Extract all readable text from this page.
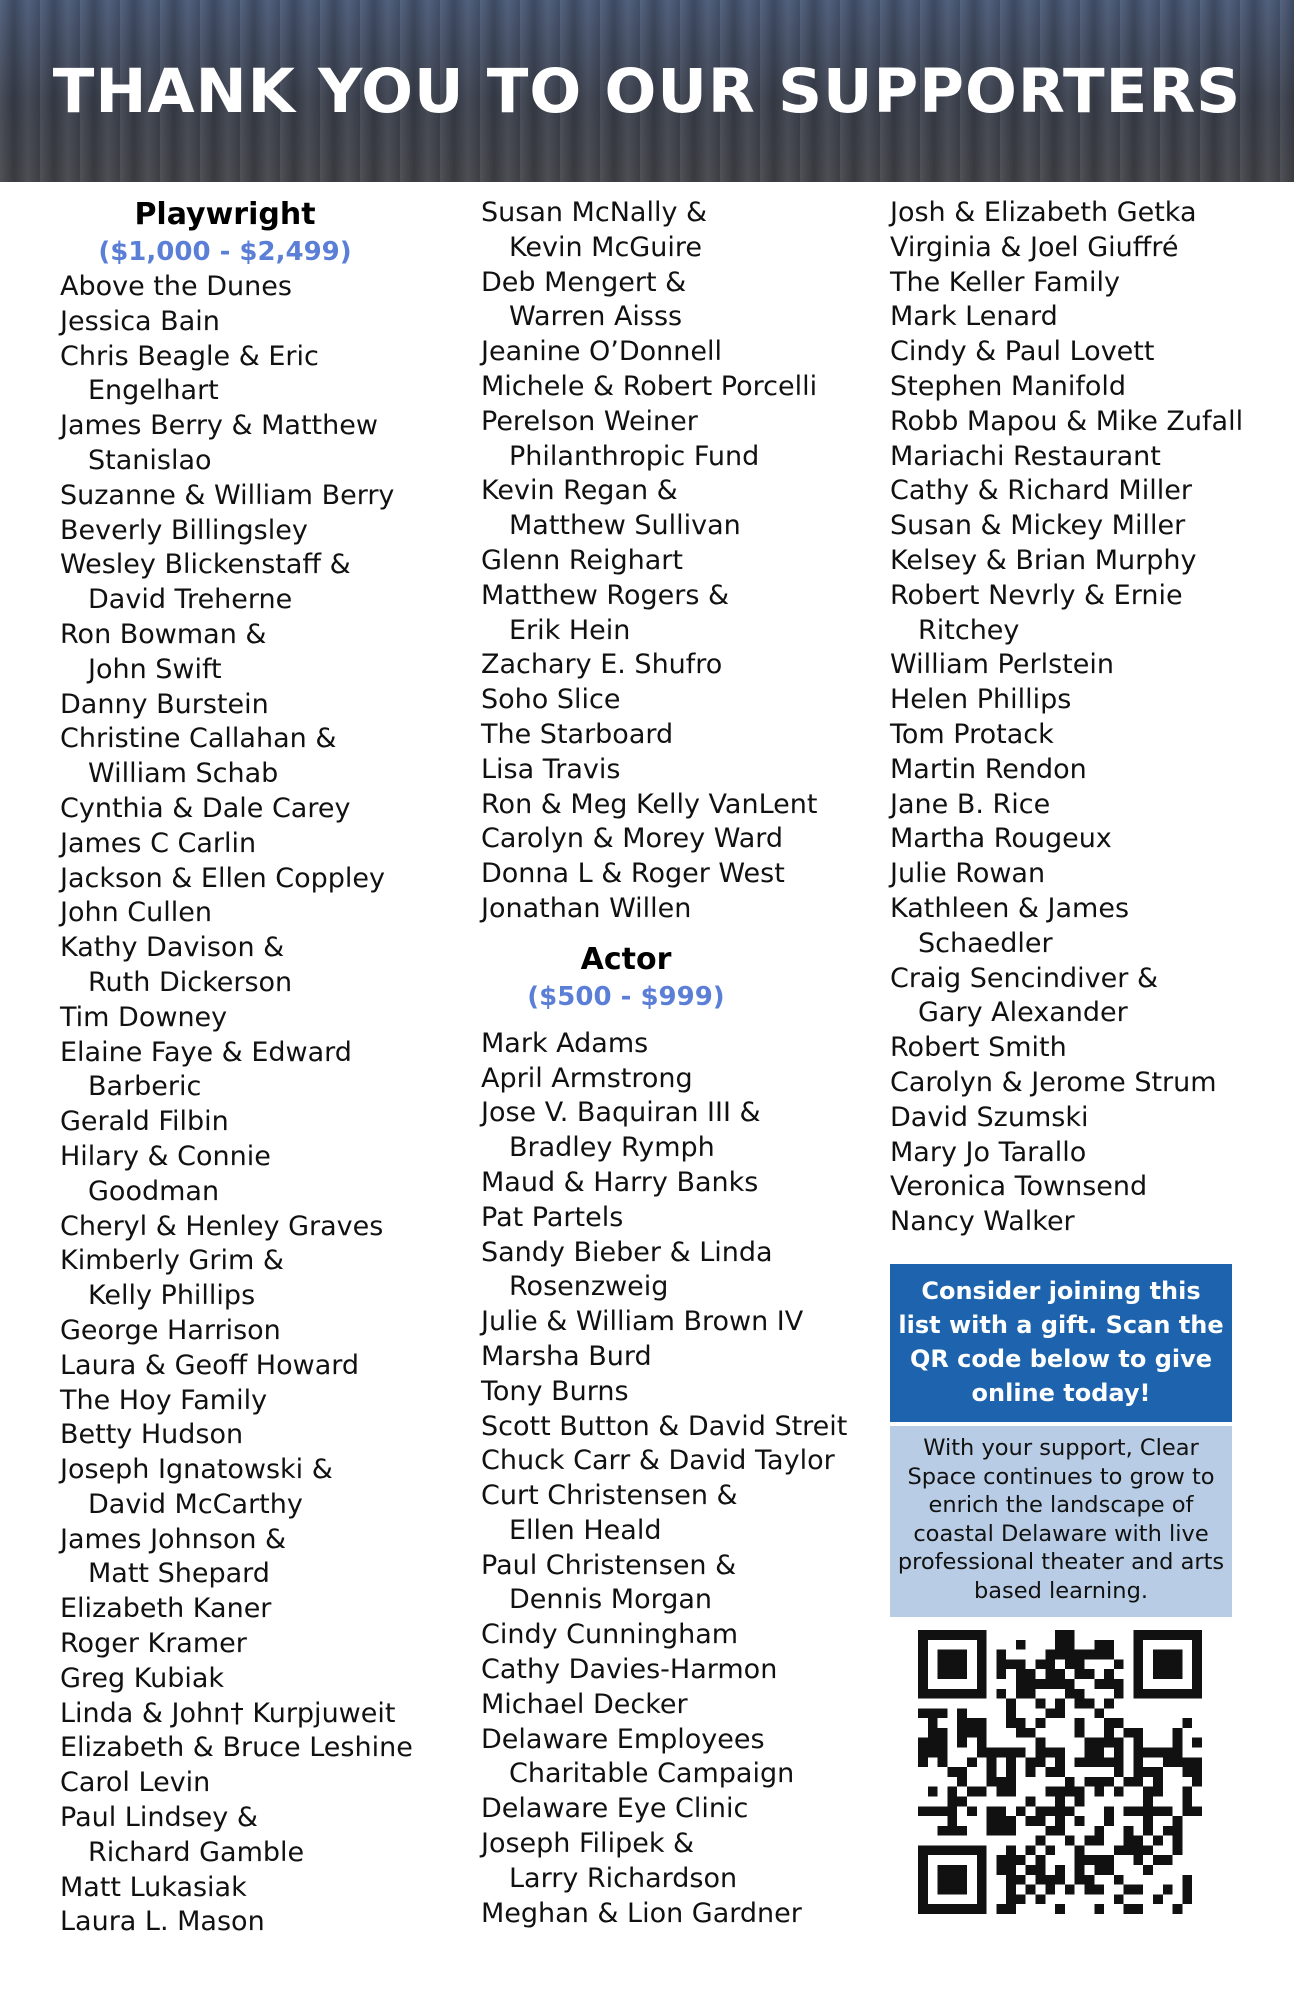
THANK YOU TO OUR SUPPORTERS
Playwright
($1,000 - $2,499)
Above the Dunes
Jessica Bain
Chris Beagle & Eric
Engelhart
James Berry & Matthew
Stanislao
Suzanne & William Berry
Beverly Billingsley
Wesley Blickenstaff &
David Treherne
Ron Bowman &
John Swift
Danny Burstein
Christine Callahan &
William Schab
Cynthia & Dale Carey
James C Carlin
Jackson & Ellen Coppley
John Cullen
Kathy Davison &
Ruth Dickerson
Tim Downey
Elaine Faye & Edward
Barberic
Gerald Filbin
Hilary & Connie
Goodman
Cheryl & Henley Graves
Kimberly Grim &
Kelly Phillips
George Harrison
Laura & Geoff Howard
The Hoy Family
Betty Hudson
Joseph Ignatowski &
David McCarthy
James Johnson &
Matt Shepard
Elizabeth Kaner
Roger Kramer
Greg Kubiak
Linda & John† Kurpjuweit
Elizabeth & Bruce Leshine
Carol Levin
Paul Lindsey &
Richard Gamble
Matt Lukasiak
Laura L. Mason
Susan McNally &
Kevin McGuire
Deb Mengert &
Warren Aisss
Jeanine O’Donnell
Michele & Robert Porcelli
Perelson Weiner
Philanthropic Fund
Kevin Regan &
Matthew Sullivan
Glenn Reighart
Matthew Rogers &
Erik Hein
Zachary E. Shufro
Soho Slice
The Starboard
Lisa Travis
Ron & Meg Kelly VanLent
Carolyn & Morey Ward
Donna L & Roger West
Jonathan Willen
Actor
($500 - $999)
Mark Adams
April Armstrong
Jose V. Baquiran III &
Bradley Rymph
Maud & Harry Banks
Pat Partels
Sandy Bieber & Linda
Rosenzweig
Julie & William Brown IV
Marsha Burd
Tony Burns
Scott Button & David Streit
Chuck Carr & David Taylor
Curt Christensen &
Ellen Heald
Paul Christensen &
Dennis Morgan
Cindy Cunningham
Cathy Davies-Harmon
Michael Decker
Delaware Employees
Charitable Campaign
Delaware Eye Clinic
Joseph Filipek &
Larry Richardson
Meghan & Lion Gardner
Josh & Elizabeth Getka
Virginia & Joel Giuffré
The Keller Family
Mark Lenard
Cindy & Paul Lovett
Stephen Manifold
Robb Mapou & Mike Zufall
Mariachi Restaurant
Cathy & Richard Miller
Susan & Mickey Miller
Kelsey & Brian Murphy
Robert Nevrly & Ernie
Ritchey
William Perlstein
Helen Phillips
Tom Protack
Martin Rendon
Jane B. Rice
Martha Rougeux
Julie Rowan
Kathleen & James
Schaedler
Craig Sencindiver &
Gary Alexander
Robert Smith
Carolyn & Jerome Strum
David Szumski
Mary Jo Tarallo
Veronica Townsend
Nancy Walker
Consider joining this list with a gift. Scan the QR code below to give online today!
With your support, Clear Space continues to grow to enrich the landscape of coastal Delaware with live professional theater and arts based learning.
